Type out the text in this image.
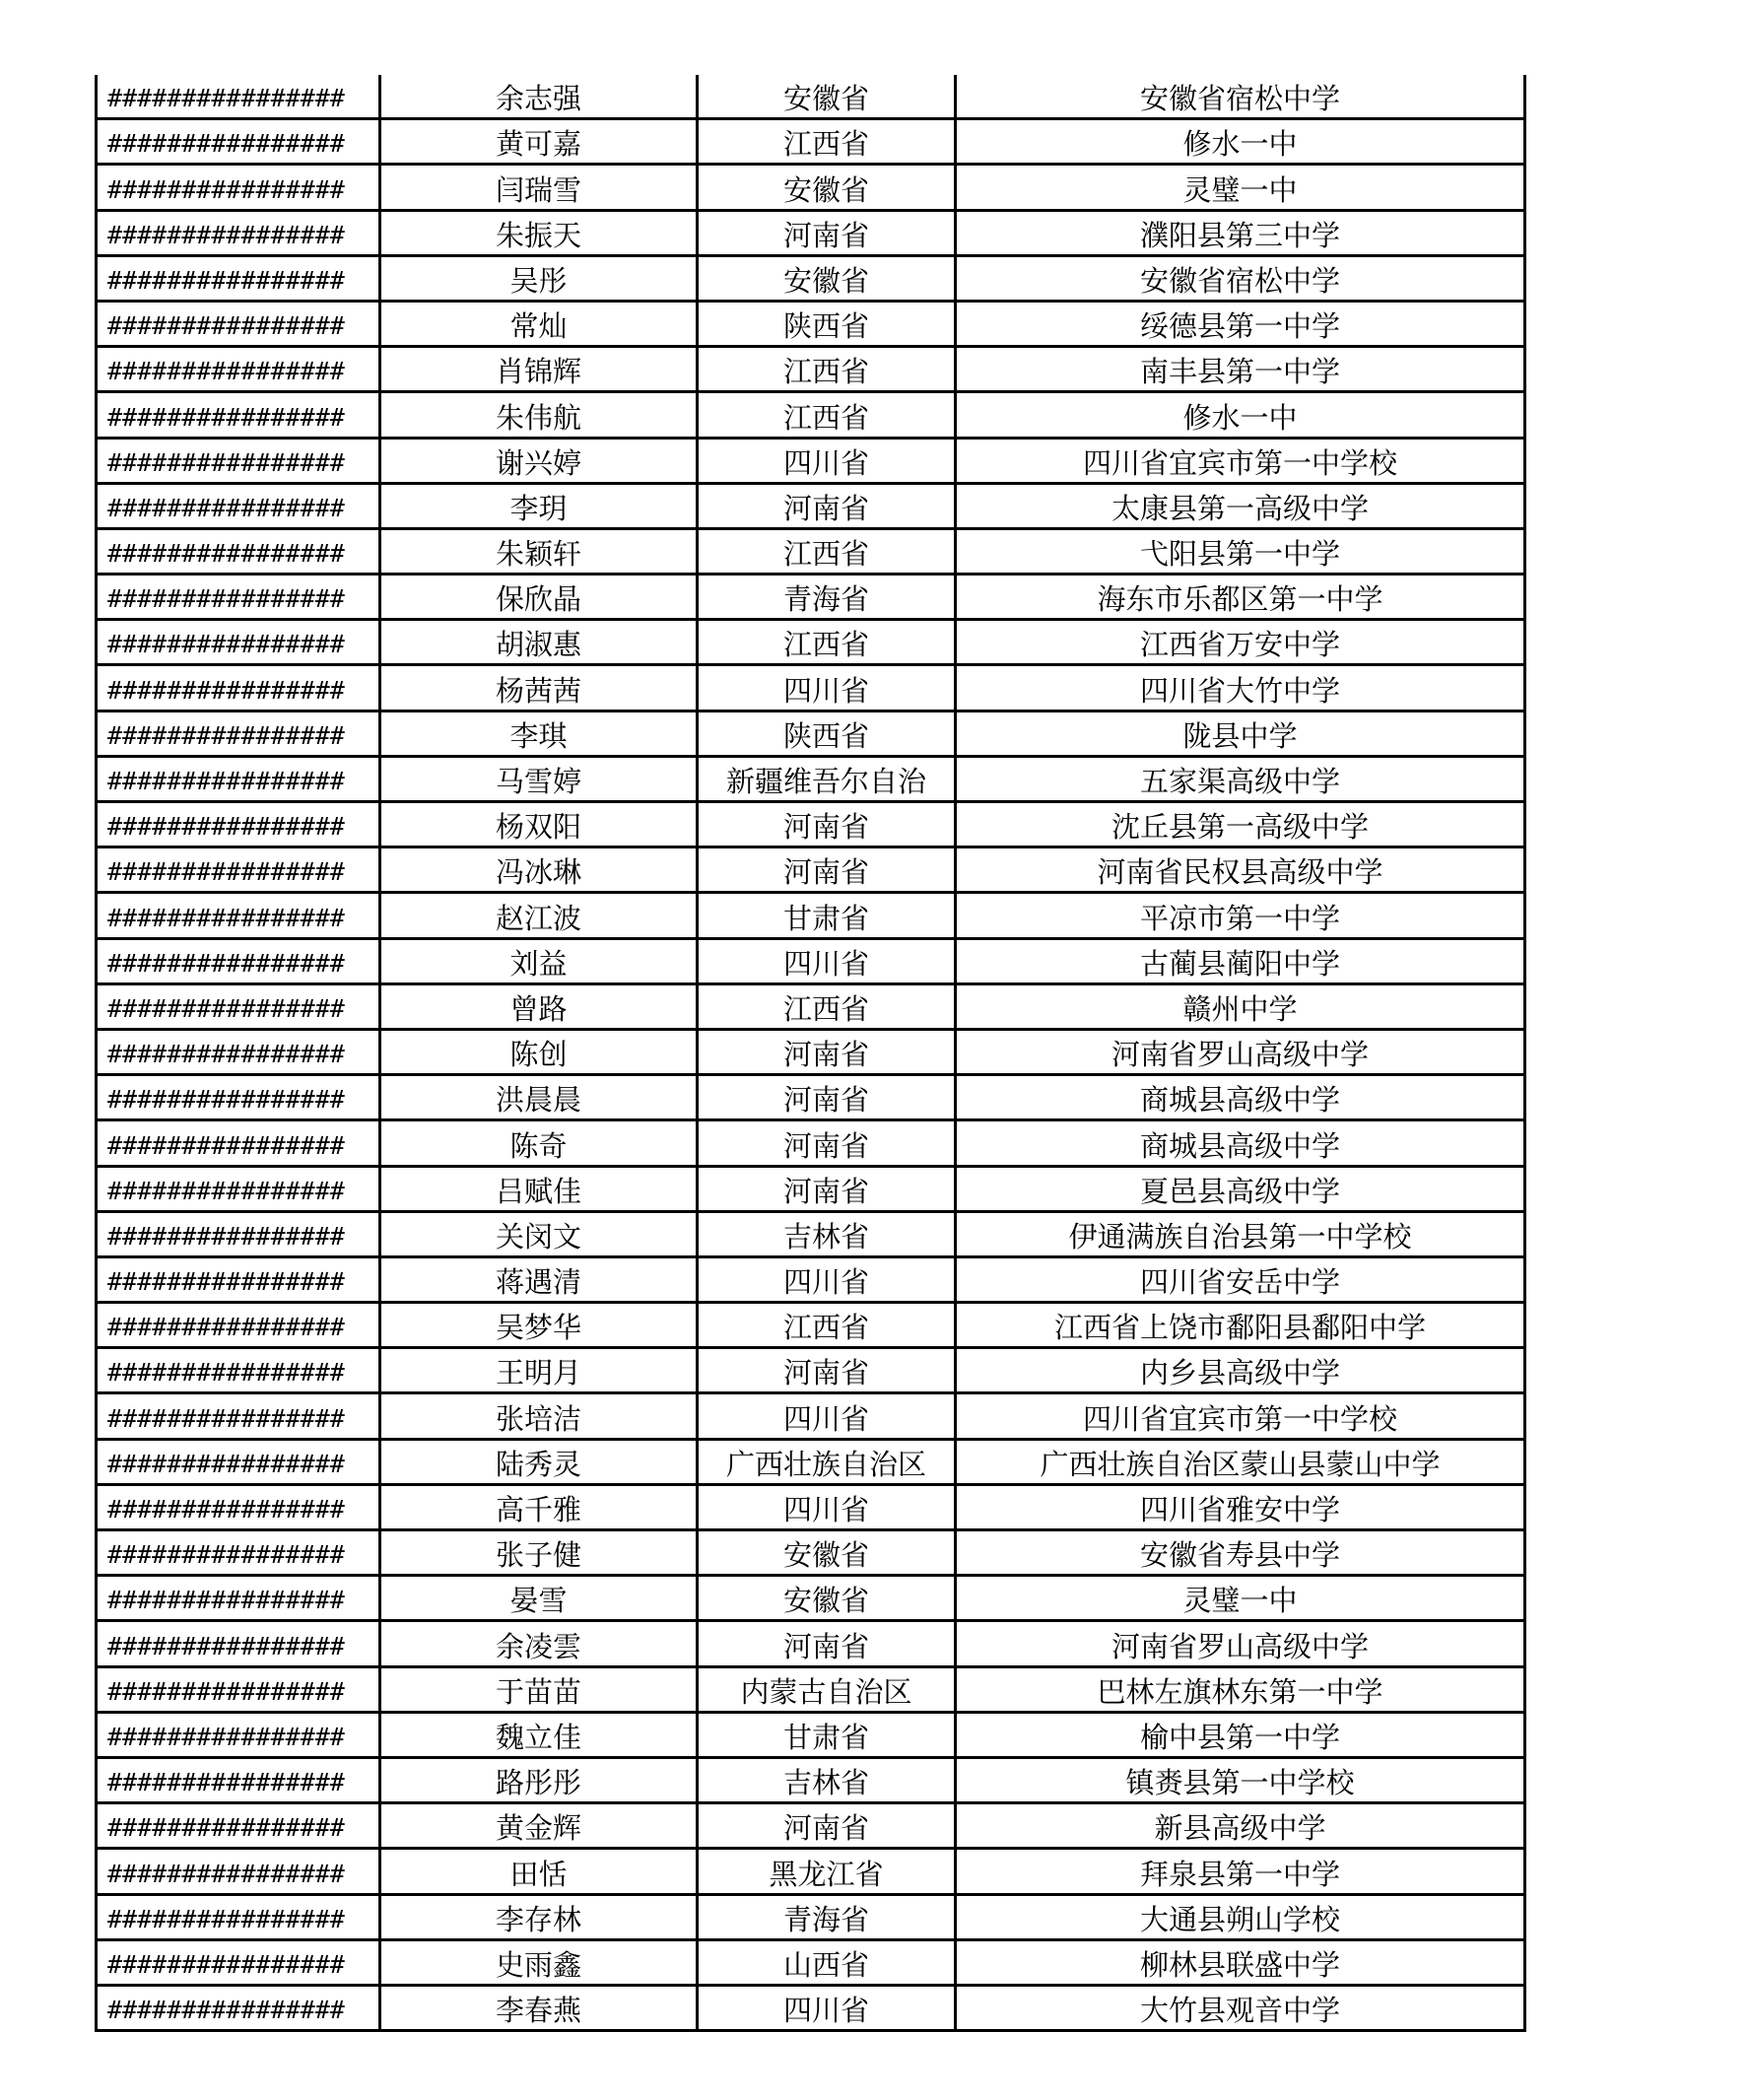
################	余志强	安徽省	安徽省宿松中学
################	黄可嘉	江西省	修水一中
################	闫瑞雪	安徽省	灵璧一中
################	朱振天	河南省	濮阳县第三中学
################	吴彤	安徽省	安徽省宿松中学
################	常灿	陕西省	绥德县第一中学
################	肖锦辉	江西省	南丰县第一中学
################	朱伟航	江西省	修水一中
################	谢兴婷	四川省	四川省宜宾市第一中学校
################	李玥	河南省	太康县第一高级中学
################	朱颖轩	江西省	弋阳县第一中学
################	保欣晶	青海省	海东市乐都区第一中学
################	胡淑惠	江西省	江西省万安中学
################	杨茜茜	四川省	四川省大竹中学
################	李琪	陕西省	陇县中学
################	马雪婷	新疆维吾尔自治	五家渠高级中学
################	杨双阳	河南省	沈丘县第一高级中学
################	冯冰琳	河南省	河南省民权县高级中学
################	赵江波	甘肃省	平凉市第一中学
################	刘益	四川省	古蔺县蔺阳中学
################	曾路	江西省	赣州中学
################	陈创	河南省	河南省罗山高级中学
################	洪晨晨	河南省	商城县高级中学
################	陈奇	河南省	商城县高级中学
################	吕赋佳	河南省	夏邑县高级中学
################	关闵文	吉林省	伊通满族自治县第一中学校
################	蒋遇清	四川省	四川省安岳中学
################	吴梦华	江西省	江西省上饶市鄱阳县鄱阳中学
################	王明月	河南省	内乡县高级中学
################	张培洁	四川省	四川省宜宾市第一中学校
################	陆秀灵	广西壮族自治区	广西壮族自治区蒙山县蒙山中学
################	高千雅	四川省	四川省雅安中学
################	张子健	安徽省	安徽省寿县中学
################	晏雪	安徽省	灵璧一中
################	余凌雲	河南省	河南省罗山高级中学
################	于苗苗	内蒙古自治区	巴林左旗林东第一中学
################	魏立佳	甘肃省	榆中县第一中学
################	路彤彤	吉林省	镇赉县第一中学校
################	黄金辉	河南省	新县高级中学
################	田恬	黑龙江省	拜泉县第一中学
################	李存林	青海省	大通县朔山学校
################	史雨鑫	山西省	柳林县联盛中学
################	李春燕	四川省	大竹县观音中学
